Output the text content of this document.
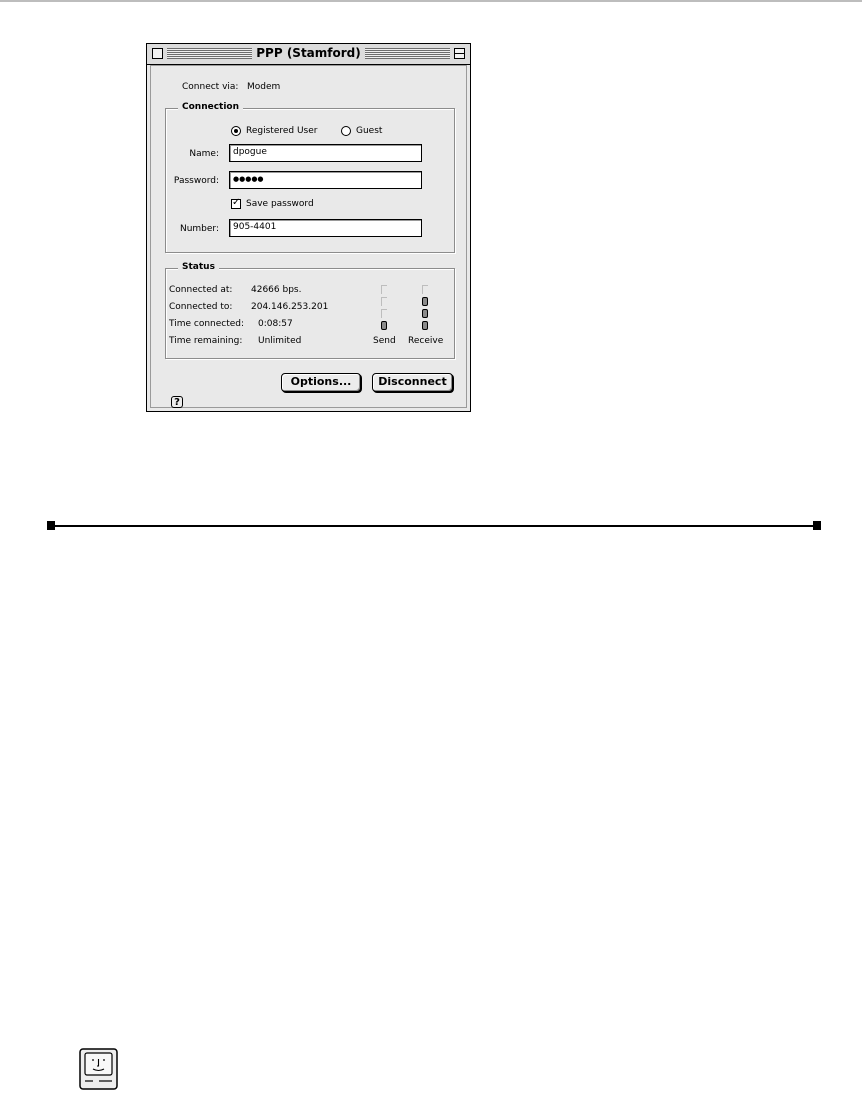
PPP (Stamford)
Connect via: Modem
Connection
Registered User	Guest
Name:	dpogue
Password:	●●●●●
✓
Save password
Number:	905-4401
Status
Connected at: 42666 bps.
Connected to: 204.146.253.201
Time connected: 0:08:57
Time remaining: Unlimited	Send Receive
?
Options...	Disconnect
